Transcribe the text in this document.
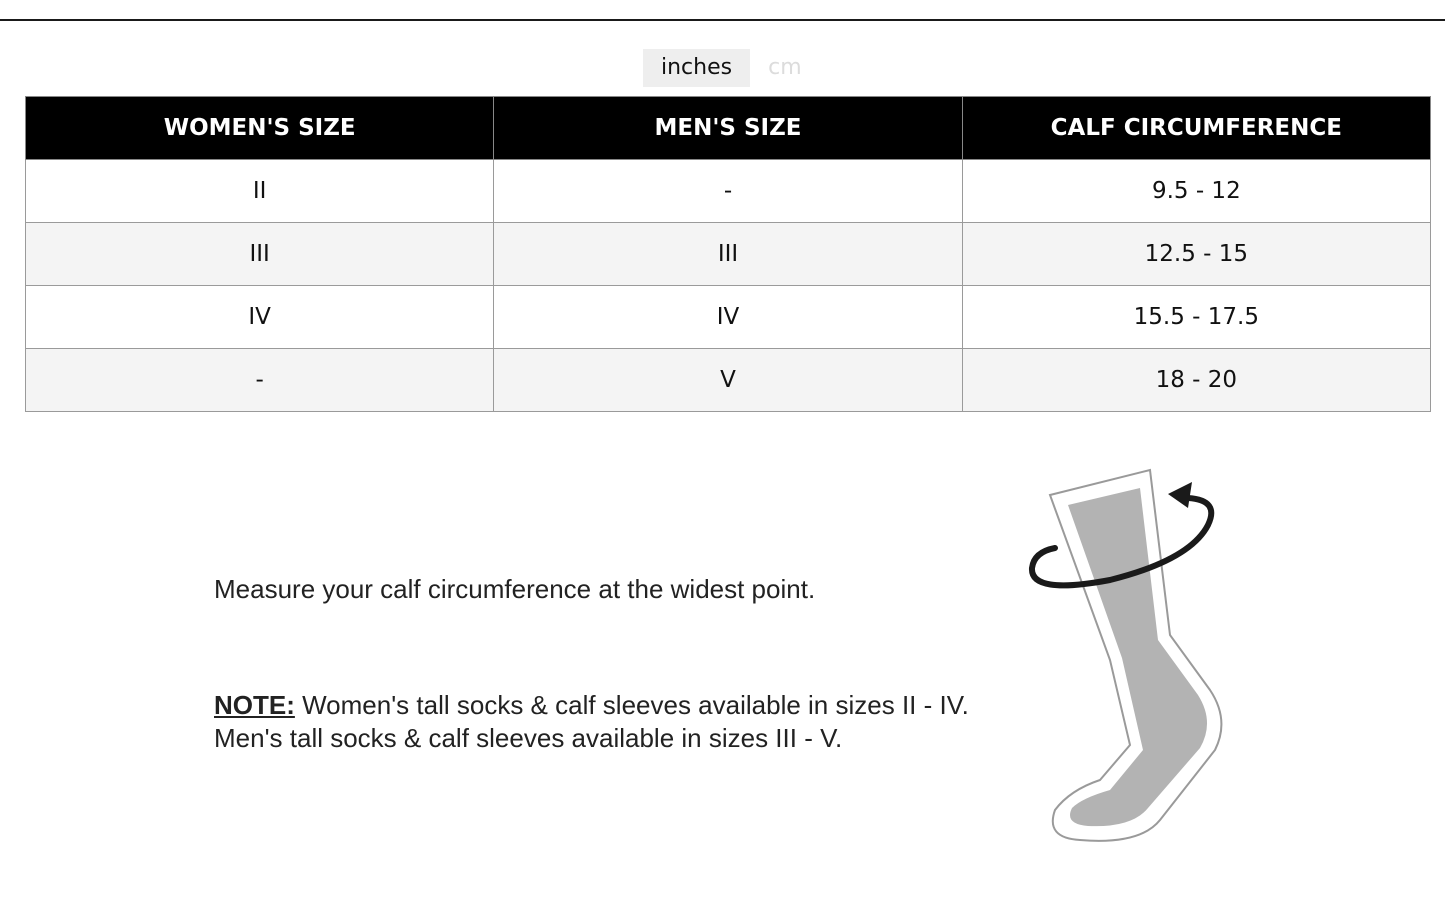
inches	cm
WOMEN'S SIZE	MEN'S SIZE	CALF CIRCUMFERENCE
II	-	9.5 - 12
III	III	12.5 - 15
IV	IV	15.5 - 17.5
-	V	18 - 20
Measure your calf circumference at the widest point.
NOTE: Women's tall socks & calf sleeves available in sizes II - IV.
Men's tall socks & calf sleeves available in sizes III - V.
